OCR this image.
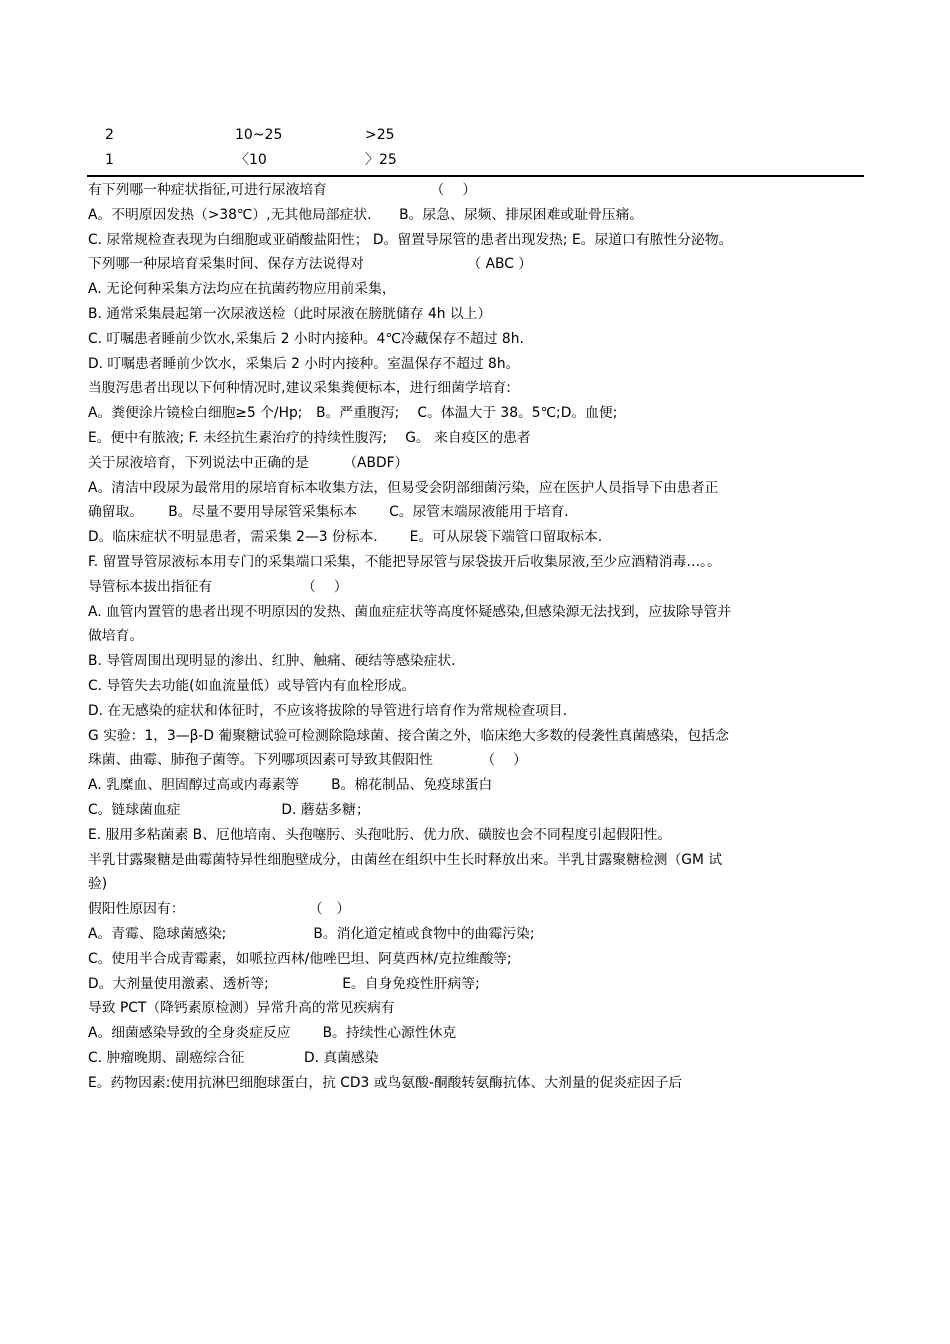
2	10~25	>25
1	〈10	〉25
有下列哪一种症状指征,可进行尿液培育　　　　　　　　（　 ）
A。不明原因发热（>38℃）,无其他局部症状.　　B。尿急、尿频、排尿困难或耻骨压痛。
C. 尿常规检查表现为白细胞或亚硝酸盐阳性； D。留置导尿管的患者出现发热; E。尿道口有脓性分泌物。
下列哪一种尿培育采集时间、保存方法说得对　　　　　　　　（ ABC ）
A. 无论何种采集方法均应在抗菌药物应用前采集，
B. 通常采集晨起第一次尿液送检（此时尿液在膀胱储存 4h 以上）
C. 叮嘱患者睡前少饮水,采集后 2 小时内接种。4℃冷藏保存不超过 8h.
D. 叮嘱患者睡前少饮水，采集后 2 小时内接种。室温保存不超过 8h。
当腹泻患者出现以下何种情况时,建议采集粪便标本，进行细菌学培育:
A。粪便涂片镜检白细胞≥5 个/Hp;　B。严重腹泻;　 C。体温大于 38。5℃;D。血便;
E。便中有脓液; F. 未经抗生素治疗的持续性腹泻;　 G。 来自疫区的患者
关于尿液培育，下列说法中正确的是　　　（ABDF）
A。清洁中段尿为最常用的尿培育标本收集方法，但易受会阴部细菌污染，应在医护人员指导下由患者正
确留取。　　 B。尽量不要用导尿管采集标本　　 C。尿管末端尿液能用于培育.
D。临床症状不明显患者，需采集 2—3 份标本.　　 E。可从尿袋下端管口留取标本.
F. 留置导管尿液标本用专门的采集端口采集，不能把导尿管与尿袋拔开后收集尿液,至少应酒精消毒…。。
导管标本拔出指征有　　　　　　　（　 ）
A. 血管内置管的患者出现不明原因的发热、菌血症症状等高度怀疑感染,但感染源无法找到，应拔除导管并
做培育。
B. 导管周围出现明显的渗出、红肿、触痛、硬结等感染症状.
C. 导管失去功能(如血流量低）或导管内有血栓形成。
D. 在无感染的症状和体征时，不应该将拔除的导管进行培育作为常规检查项目.
G 实验：1，3—β-D 葡聚糖试验可检测除隐球菌、接合菌之外，临床绝大多数的侵袭性真菌感染，包括念
珠菌、曲霉、肺孢子菌等。下列哪项因素可导致其假阳性　　　　（　 ）
A. 乳糜血、胆固醇过高或内毒素等　　 B。棉花制品、免疫球蛋白
C。链球菌血症　　　　　　　 D. 蘑菇多糖；
E. 服用多粘菌素 B、厄他培南、头孢噻肟、头孢吡肟、优力欣、磺胺也会不同程度引起假阳性。
半乳甘露聚糖是曲霉菌特异性细胞壁成分，由菌丝在组织中生长时释放出来。半乳甘露聚糖检测（GM 试
验)
假阳性原因有：　　　　　　　　　　（　）
A。青霉、隐球菌感染;　　　　　　 B。消化道定植或食物中的曲霉污染;
C。使用半合成青霉素，如哌拉西林/他唑巴坦、阿莫西林/克拉维酸等;
D。大剂量使用激素、透析等;　　　　　 E。自身免疫性肝病等;
导致 PCT（降钙素原检测）异常升高的常见疾病有
A。细菌感染导致的全身炎症反应　　 B。持续性心源性休克
C. 肿瘤晚期、副癌综合征　　　　 D. 真菌感染
E。药物因素:使用抗淋巴细胞球蛋白，抗 CD3 或鸟氨酸-酮酸转氨酶抗体、大剂量的促炎症因子后
